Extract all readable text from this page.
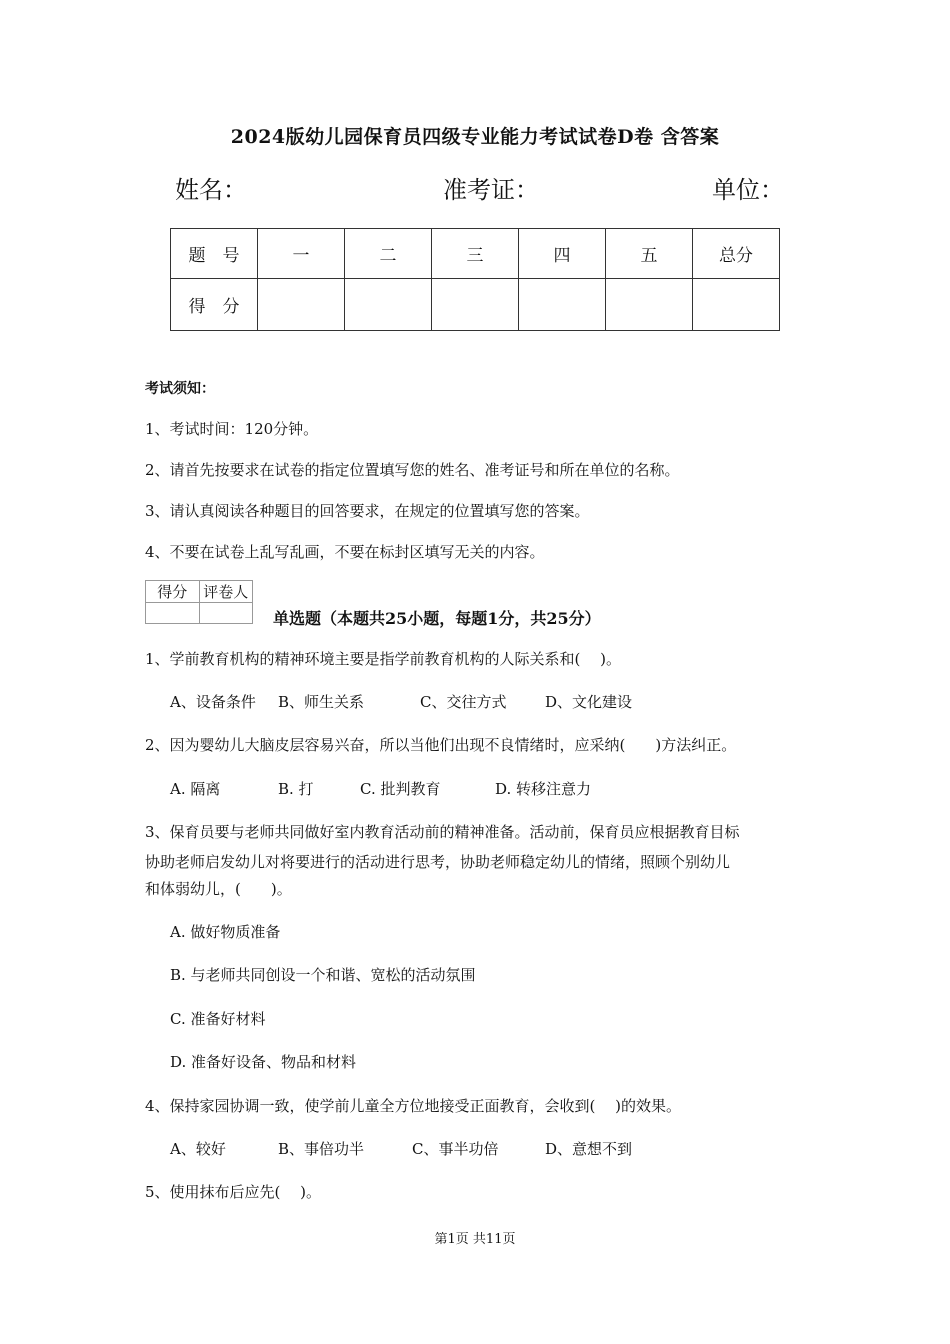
2024版幼儿园保育员四级专业能力考试试卷D卷 含答案
姓名：	准考证：	单位：
题　号	一	二	三	四	五	总分
得　分						
考试须知：
1、考试时间：120分钟。
2、请首先按要求在试卷的指定位置填写您的姓名、准考证号和所在单位的名称。
3、请认真阅读各种题目的回答要求，在规定的位置填写您的答案。
4、不要在试卷上乱写乱画，不要在标封区填写无关的内容。
得分	评卷人

单选题（本题共25小题，每题1分，共25分）
1、学前教育机构的精神环境主要是指学前教育机构的人际关系和(　 )。
A、设备条件 B、师生关系	C、交往方式	D、文化建设
2、因为婴幼儿大脑皮层容易兴奋，所以当他们出现不良情绪时，应采纳(　　)方法纠正。
A. 隔离	B. 打	C. 批判教育	D. 转移注意力
3、保育员要与老师共同做好室内教育活动前的精神准备。活动前，保育员应根据教育目标
协助老师启发幼儿对将要进行的活动进行思考，协助老师稳定幼儿的情绪，照顾个别幼儿
和体弱幼儿，(　　)。
A. 做好物质准备
B. 与老师共同创设一个和谐、宽松的活动氛围
C. 准备好材料
D. 准备好设备、物品和材料
4、保持家园协调一致，使学前儿童全方位地接受正面教育，会收到(　 )的效果。
A、较好	B、事倍功半	C、事半功倍	D、意想不到
5、使用抹布后应先(　 )。
第1页 共11页
